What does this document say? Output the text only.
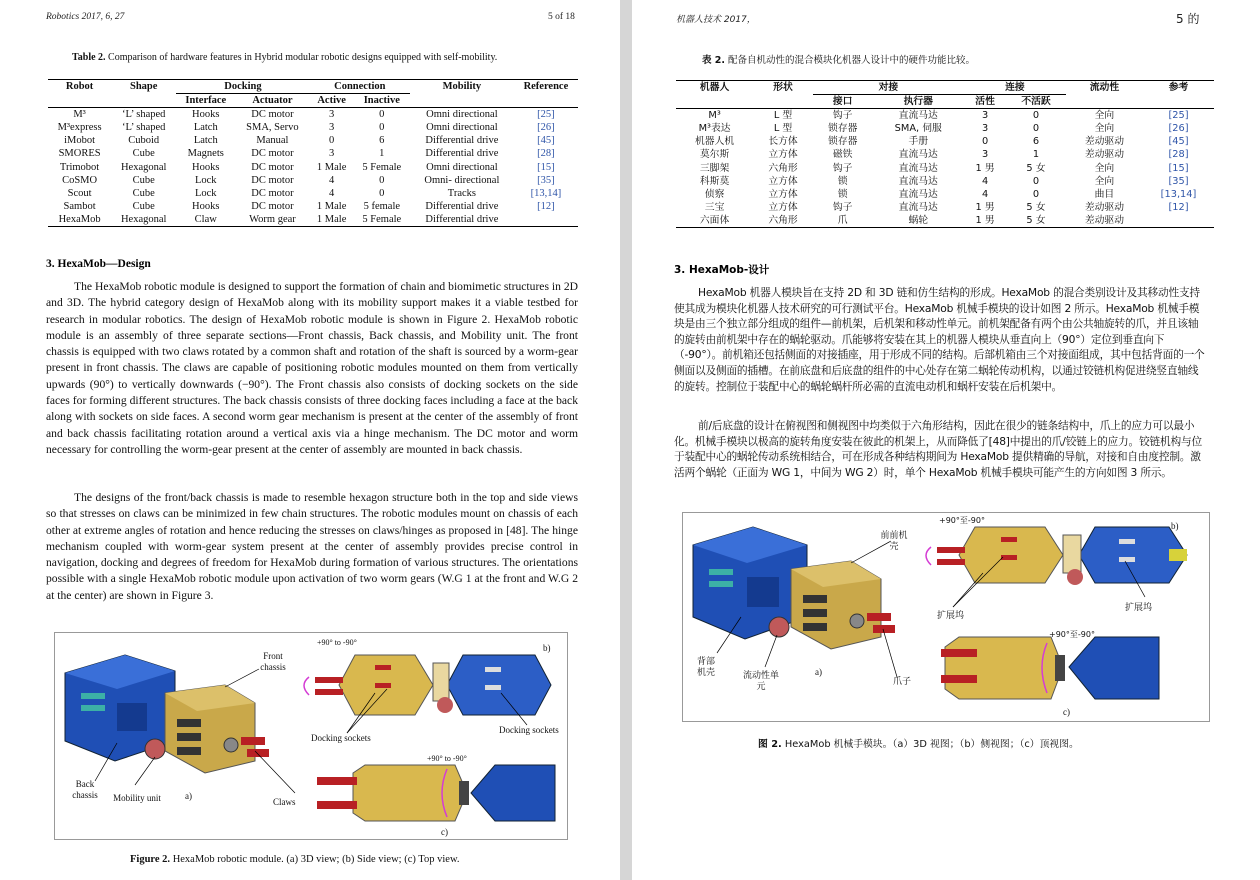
Robotics 2017, 6, 27	5 of 18
Table 2. Comparison of hardware features in Hybrid modular robotic designs equipped with self-mobility.
Robot	Shape	Docking		Connection		Mobility	Reference
		Interface	Actuator	Active	Inactive		
M³	‘L’ shaped	Hooks	DC motor	3	0	Omni directional	[25]
M³express	‘L’ shaped	Latch	SMA, Servo	3	0	Omni directional	[26]
iMobot	Cuboid	Latch	Manual	0	6	Differential drive	[45]
SMORES	Cube	Magnets	DC motor	3	1	Differential drive	[28]
Trimobot	Hexagonal	Hooks	DC motor	1 Male	5 Female	Omni directional	[15]
CoSMO	Cube	Lock	DC motor	4	0	Omni- directional	[35]
Scout	Cube	Lock	DC motor	4	0	Tracks	[13,14]
Sambot	Cube	Hooks	DC motor	1 Male	5 female	Differential drive	[12]
HexaMob	Hexagonal	Claw	Worm gear	1 Male	5 Female	Differential drive	
3. HexaMob—Design
The HexaMob robotic module is designed to support the formation of chain and biomimetic structures in 2D and 3D. The hybrid category design of HexaMob along with its mobility support makes it a viable testbed for research in modular robotics. The design of HexaMob robotic module is shown in Figure 2. HexaMob robotic module is an assembly of three separate sections—Front chassis, Back chassis, and Mobility unit. The front chassis is equipped with two claws rotated by a common shaft and rotation of the shaft is sourced by a worm-gear present in front chassis. The claws are capable of positioning robotic modules mounted on them from vertically upwards (90°) to vertically downwards (−90°). The Front chassis also consists of docking sockets on the side faces for forming different structures. The back chassis consists of three docking faces including a face at the back along with sockets on side faces. A second worm gear mechanism is present at the center of the assembly of front and back chassis facilitating rotation around a vertical axis via a hinge mechanism. The DC motor and worm necessary for controlling the worm-gear present at the center of assembly are mounted in back chassis.
The designs of the front/back chassis is made to resemble hexagon structure both in the top and side views so that stresses on claws can be minimized in few chain structures. The robotic modules mount on chassis of each other at extreme angles of rotation and hence reducing the stresses on claws/hinges as proposed in [48]. The hinge mechanism coupled with worm-gear system present at the center of assembly provides precise control in navigation, docking and degrees of freedom for HexaMob during formation of various structures. The orientations possible with a single HexaMob robotic module upon activation of two worm gears (W.G 1 at the front and W.G 2 at the center) are shown in Figure 3.
Front chassis
Back chassis	Mobility unit	Claws
Docking sockets
Docking sockets
+90° to -90°
+90° to -90°
a)
b)
c)
Figure 2. HexaMob robotic module. (a) 3D view; (b) Side view; (c) Top view.
机器人技术 2017，	5 的
表 2. 配备自机动性的混合模块化机器人设计中的硬件功能比较。
机器人	形状	对接		连接		流动性	参考
		接口	执行器	活性	不活跃		
M³	L 型	钩子	直流马达	3	0	全向	[25]
M³表达	L 型	锁存器	SMA, 伺服	3	0	全向	[26]
机器人机	长方体	锁存器	手册	0	6	差动驱动	[45]
莫尔斯	立方体	磁铁	直流马达	3	1	差动驱动	[28]
三脚架	六角形	钩子	直流马达	1 男	5 女	全向	[15]
科斯莫	立方体	锁	直流马达	4	0	全向	[35]
侦察	立方体	锁	直流马达	4	0	曲目	[13,14]
三宝	立方体	钩子	直流马达	1 男	5 女	差动驱动	[12]
六面体	六角形	爪	蜗轮	1 男	5 女	差动驱动	
3. HexaMob-设计
HexaMob 机器人模块旨在支持 2D 和 3D 链和仿生结构的形成。HexaMob 的混合类别设计及其移动性支持使其成为模块化机器人技术研究的可行测试平台。HexaMob 机械手模块的设计如图 2 所示。HexaMob 机械手模块是由三个独立部分组成的组件—前机架，后机架和移动性单元。前机架配备有两个由公共轴旋转的爪，并且该轴的旋转由前机架中存在的蜗轮驱动。爪能够将安装在其上的机器人模块从垂直向上（90°）定位到垂直向下（-90°）。前机箱还包括侧面的对接插座，用于形成不同的结构。后部机箱由三个对接面组成，其中包括背面的一个侧面以及侧面的插槽。在前底盘和后底盘的组件的中心处存在第二蜗轮传动机构，以通过铰链机构促进绕竖直轴线的旋转。控制位于装配中心的蜗轮蜗杆所必需的直流电动机和蜗杆安装在后机架中。
前/后底盘的设计在俯视图和侧视图中均类似于六角形结构，因此在很少的链条结构中，爪上的应力可以最小化。机械手模块以极高的旋转角度安装在彼此的机架上，从而降低了[48]中提出的爪/铰链上的应力。铰链机构与位于装配中心的蜗轮传动系统相结合，可在形成各种结构期间为 HexaMob 提供精确的导航，对接和自由度控制。激活两个蜗轮（正面为 WG 1，中间为 WG 2）时，单个 HexaMob 机械手模块可能产生的方向如图 3 所示。
前前机壳
背部机壳	流动性单元	爪子
扩展坞
扩展坞
+90°至-90°
+90°至-90°
a)
b)
c)
图 2. HexaMob 机械手模块。（a）3D 视图；（b）侧视图；（c）顶视图。
